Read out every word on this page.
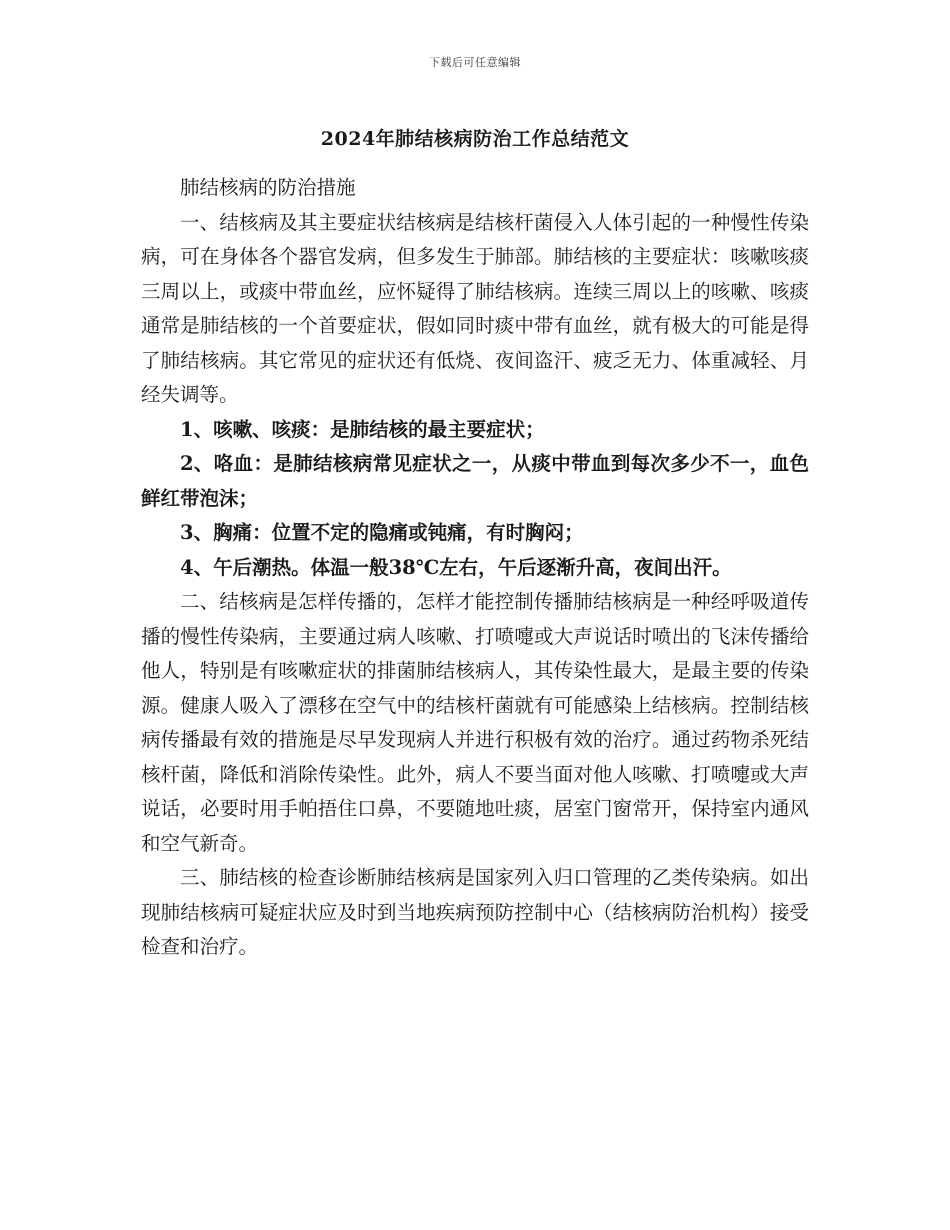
下载后可任意编辑
2024年肺结核病防治工作总结范文

肺结核病的防治措施

一、结核病及其主要症状结核病是结核杆菌侵入人体引起的一种慢性传染病，可在身体各个器官发病，但多发生于肺部。肺结核的主要症状：咳嗽咳痰三周以上，或痰中带血丝，应怀疑得了肺结核病。连续三周以上的咳嗽、咳痰通常是肺结核的一个首要症状，假如同时痰中带有血丝，就有极大的可能是得了肺结核病。其它常见的症状还有低烧、夜间盗汗、疲乏无力、体重减轻、月经失调等。

1、咳嗽、咳痰：是肺结核的最主要症状；

2、咯血：是肺结核病常见症状之一，从痰中带血到每次多少不一，血色鲜红带泡沫；

3、胸痛：位置不定的隐痛或钝痛，有时胸闷；

4、午后潮热。体温一般38℃左右，午后逐渐升高，夜间出汗。

二、结核病是怎样传播的，怎样才能控制传播肺结核病是一种经呼吸道传播的慢性传染病，主要通过病人咳嗽、打喷嚏或大声说话时喷出的飞沫传播给他人，特别是有咳嗽症状的排菌肺结核病人，其传染性最大，是最主要的传染源。健康人吸入了漂移在空气中的结核杆菌就有可能感染上结核病。控制结核病传播最有效的措施是尽早发现病人并进行积极有效的治疗。通过药物杀死结核杆菌，降低和消除传染性。此外，病人不要当面对他人咳嗽、打喷嚏或大声说话，必要时用手帕捂住口鼻，不要随地吐痰，居室门窗常开，保持室内通风和空气新奇。

三、肺结核的检查诊断肺结核病是国家列入归口管理的乙类传染病。如出现肺结核病可疑症状应及时到当地疾病预防控制中心（结核病防治机构）接受检查和治疗。
